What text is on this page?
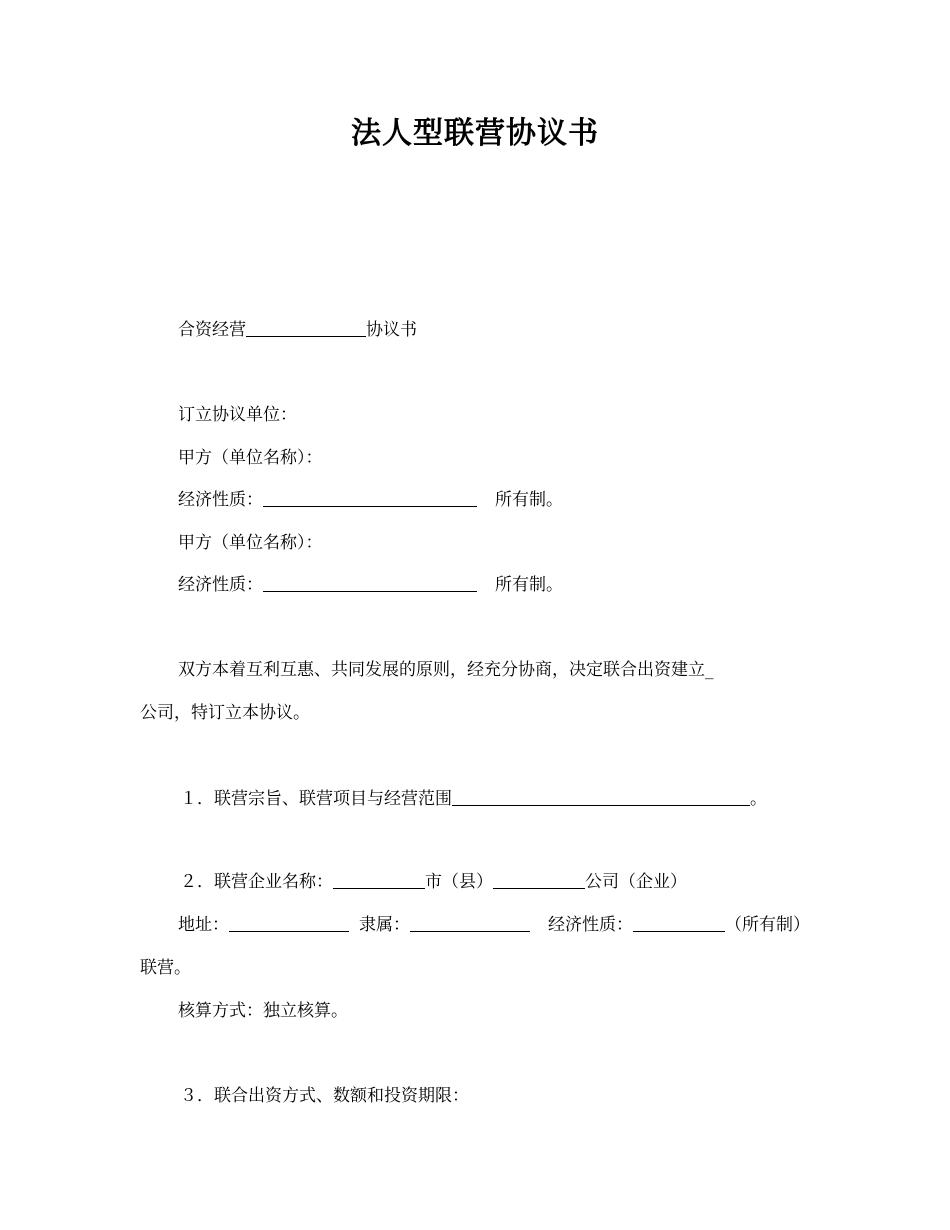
法人型联营协议书
合资经营	协议书
订立协议单位：
甲方（单位名称）：
经济性质：	所有制。
甲方（单位名称）：
经济性质：	所有制。
双方本着互利互惠、共同发展的原则，经充分协商，决定联合出资建立_
公司，特订立本协议。
１．联营宗旨、联营项目与经营范围	。
２．联营企业名称：	市（县）	公司（企业）
地址：	隶属：	经济性质：	（所有制）
联营。
核算方式：独立核算。
３．联合出资方式、数额和投资期限：
